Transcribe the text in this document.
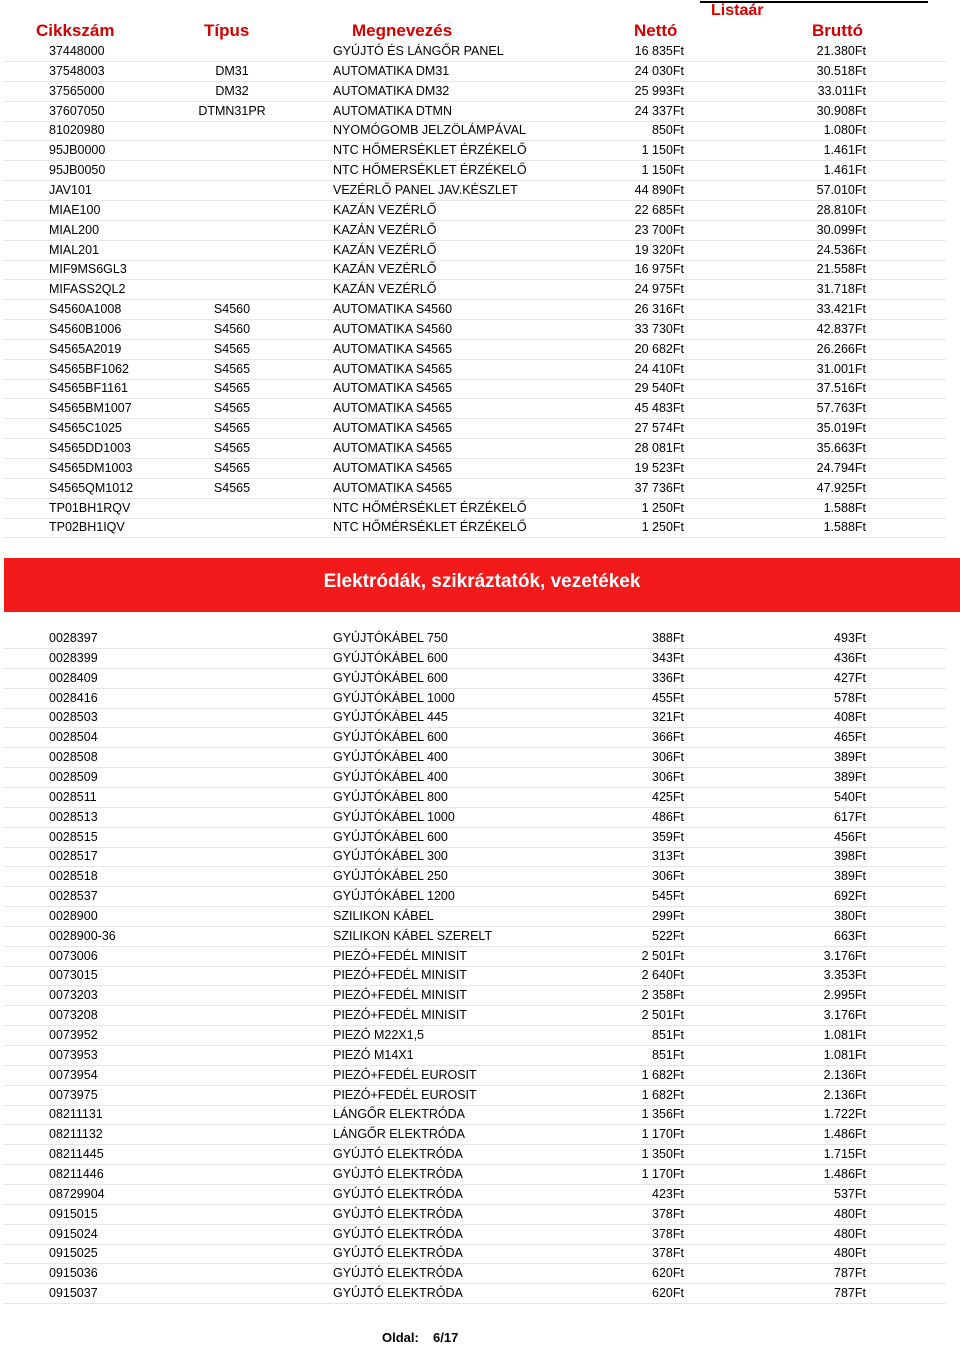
Listaár
Cikkszám	Típus	Megnevezés	Nettó	Bruttó
37448000	GYÚJTÓ ÉS LÁNGŐR PANEL	16 835Ft	21.380Ft
37548003	DM31	AUTOMATIKA DM31	24 030Ft	30.518Ft
37565000	DM32	AUTOMATIKA DM32	25 993Ft	33.011Ft
37607050	DTMN31PR	AUTOMATIKA DTMN	24 337Ft	30.908Ft
81020980	NYOMÓGOMB JELZÖLÁMPÁVAL	850Ft	1.080Ft
95JB0000	NTC HŐMERSÉKLET ÉRZÉKELŐ	1 150Ft	1.461Ft
95JB0050	NTC HŐMERSÉKLET ÉRZÉKELŐ	1 150Ft	1.461Ft
JAV101	VEZÉRLŐ PANEL JAV.KÉSZLET	44 890Ft	57.010Ft
MIAE100	KAZÁN VEZÉRLŐ	22 685Ft	28.810Ft
MIAL200	KAZÁN VEZÉRLŐ	23 700Ft	30.099Ft
MIAL201	KAZÁN VEZÉRLŐ	19 320Ft	24.536Ft
MIF9MS6GL3	KAZÁN VEZÉRLŐ	16 975Ft	21.558Ft
MIFASS2QL2	KAZÁN VEZÉRLŐ	24 975Ft	31.718Ft
S4560A1008	S4560	AUTOMATIKA S4560	26 316Ft	33.421Ft
S4560B1006	S4560	AUTOMATIKA S4560	33 730Ft	42.837Ft
S4565A2019	S4565	AUTOMATIKA S4565	20 682Ft	26.266Ft
S4565BF1062	S4565	AUTOMATIKA S4565	24 410Ft	31.001Ft
S4565BF1161	S4565	AUTOMATIKA S4565	29 540Ft	37.516Ft
S4565BM1007	S4565	AUTOMATIKA S4565	45 483Ft	57.763Ft
S4565C1025	S4565	AUTOMATIKA S4565	27 574Ft	35.019Ft
S4565DD1003	S4565	AUTOMATIKA S4565	28 081Ft	35.663Ft
S4565DM1003	S4565	AUTOMATIKA S4565	19 523Ft	24.794Ft
S4565QM1012	S4565	AUTOMATIKA S4565	37 736Ft	47.925Ft
TP01BH1RQV	NTC HŐMÉRSÉKLET ÉRZÉKELŐ	1 250Ft	1.588Ft
TP02BH1IQV	NTC HŐMÉRSÉKLET ÉRZÉKELŐ	1 250Ft	1.588Ft
Elektródák, szikráztatók, vezetékek
0028397	GYÚJTÓKÁBEL 750	388Ft	493Ft
0028399	GYÚJTÓKÁBEL 600	343Ft	436Ft
0028409	GYÚJTÓKÁBEL 600	336Ft	427Ft
0028416	GYÚJTÓKÁBEL 1000	455Ft	578Ft
0028503	GYÚJTÓKÁBEL 445	321Ft	408Ft
0028504	GYÚJTÓKÁBEL 600	366Ft	465Ft
0028508	GYÚJTÓKÁBEL 400	306Ft	389Ft
0028509	GYÚJTÓKÁBEL 400	306Ft	389Ft
0028511	GYÚJTÓKÁBEL 800	425Ft	540Ft
0028513	GYÚJTÓKÁBEL 1000	486Ft	617Ft
0028515	GYÚJTÓKÁBEL 600	359Ft	456Ft
0028517	GYÚJTÓKÁBEL 300	313Ft	398Ft
0028518	GYÚJTÓKÁBEL 250	306Ft	389Ft
0028537	GYÚJTÓKÁBEL 1200	545Ft	692Ft
0028900	SZILIKON KÁBEL	299Ft	380Ft
0028900-36	SZILIKON KÁBEL SZERELT	522Ft	663Ft
0073006	PIEZÓ+FEDÉL MINISIT	2 501Ft	3.176Ft
0073015	PIEZÓ+FEDÉL MINISIT	2 640Ft	3.353Ft
0073203	PIEZÓ+FEDÉL MINISIT	2 358Ft	2.995Ft
0073208	PIEZÓ+FEDÉL MINISIT	2 501Ft	3.176Ft
0073952	PIEZÓ M22X1,5	851Ft	1.081Ft
0073953	PIEZÓ M14X1	851Ft	1.081Ft
0073954	PIEZÓ+FEDÉL EUROSIT	1 682Ft	2.136Ft
0073975	PIEZÓ+FEDÉL EUROSIT	1 682Ft	2.136Ft
08211131	LÁNGŐR ELEKTRÓDA	1 356Ft	1.722Ft
08211132	LÁNGŐR ELEKTRÓDA	1 170Ft	1.486Ft
08211445	GYÚJTÓ ELEKTRÓDA	1 350Ft	1.715Ft
08211446	GYÚJTÓ ELEKTRÓDA	1 170Ft	1.486Ft
08729904	GYÚJTÓ ELEKTRÓDA	423Ft	537Ft
0915015	GYÚJTÓ ELEKTRÓDA	378Ft	480Ft
0915024	GYÚJTÓ ELEKTRÓDA	378Ft	480Ft
0915025	GYÚJTÓ ELEKTRÓDA	378Ft	480Ft
0915036	GYÚJTÓ ELEKTRÓDA	620Ft	787Ft
0915037	GYÚJTÓ ELEKTRÓDA	620Ft	787Ft
Oldal: 6/17
